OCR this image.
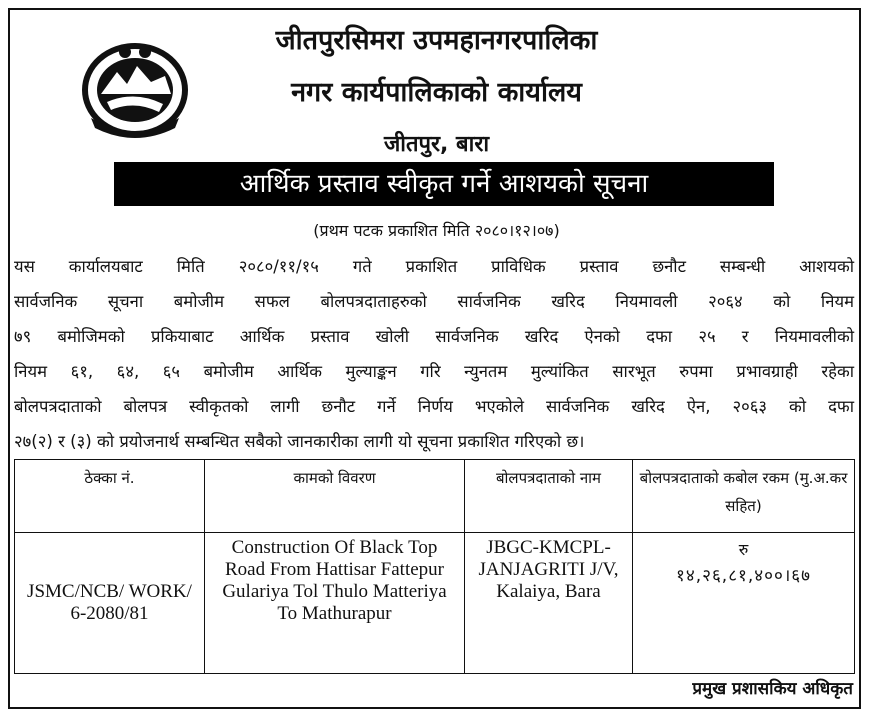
जीतपुरसिमरा उपमहानगरपालिका
नगर कार्यपालिकाको कार्यालय
जीतपुर, बारा
आर्थिक प्रस्ताव स्वीकृत गर्ने आशयको सूचना
(प्रथम पटक प्रकाशित मिति २०८०।१२।०७)
यस कार्यालयबाट मिति २०८०/११/१५ गते प्रकाशित प्राविधिक प्रस्ताव छनौट सम्बन्धी आशयको
सार्वजनिक सूचना बमोजीम सफल बोलपत्रदाताहरुको सार्वजनिक खरिद नियमावली २०६४ को नियम
७९ बमोजिमको प्रकियाबाट आर्थिक प्रस्ताव खोली सार्वजनिक खरिद ऐनको दफा २५ र नियमावलीको
नियम ६१, ६४, ६५ बमोजीम आर्थिक मुल्याङ्कन गरि न्युनतम मुल्यांकित सारभूत रुपमा प्रभावग्राही रहेका
बोलपत्रदाताको बोलपत्र स्वीकृतको लागी छनौट गर्ने निर्णय भएकोले सार्वजनिक खरिद ऐन, २०६३ को दफा
२७(२) र (३) को प्रयोजनार्थ सम्बन्धित सबैको जानकारीका लागी यो सूचना प्रकाशित गरिएको छ।
ठेक्का नं.	कामको विवरण	बोलपत्रदाताको नाम	बोलपत्रदाताको कबोल रकम (मु.अ.कर सहित)
JSMC/NCB/ WORK/ 6-2080/81	Construction Of Black Top Road From Hattisar Fattepur Gulariya Tol Thulo Matteriya To Mathurapur	JBGC-KMCPL-JANJAGRITI J/V, Kalaiya, Bara	रु
१४,२६,८१,४००।६७
प्रमुख प्रशासकिय अधिकृत
